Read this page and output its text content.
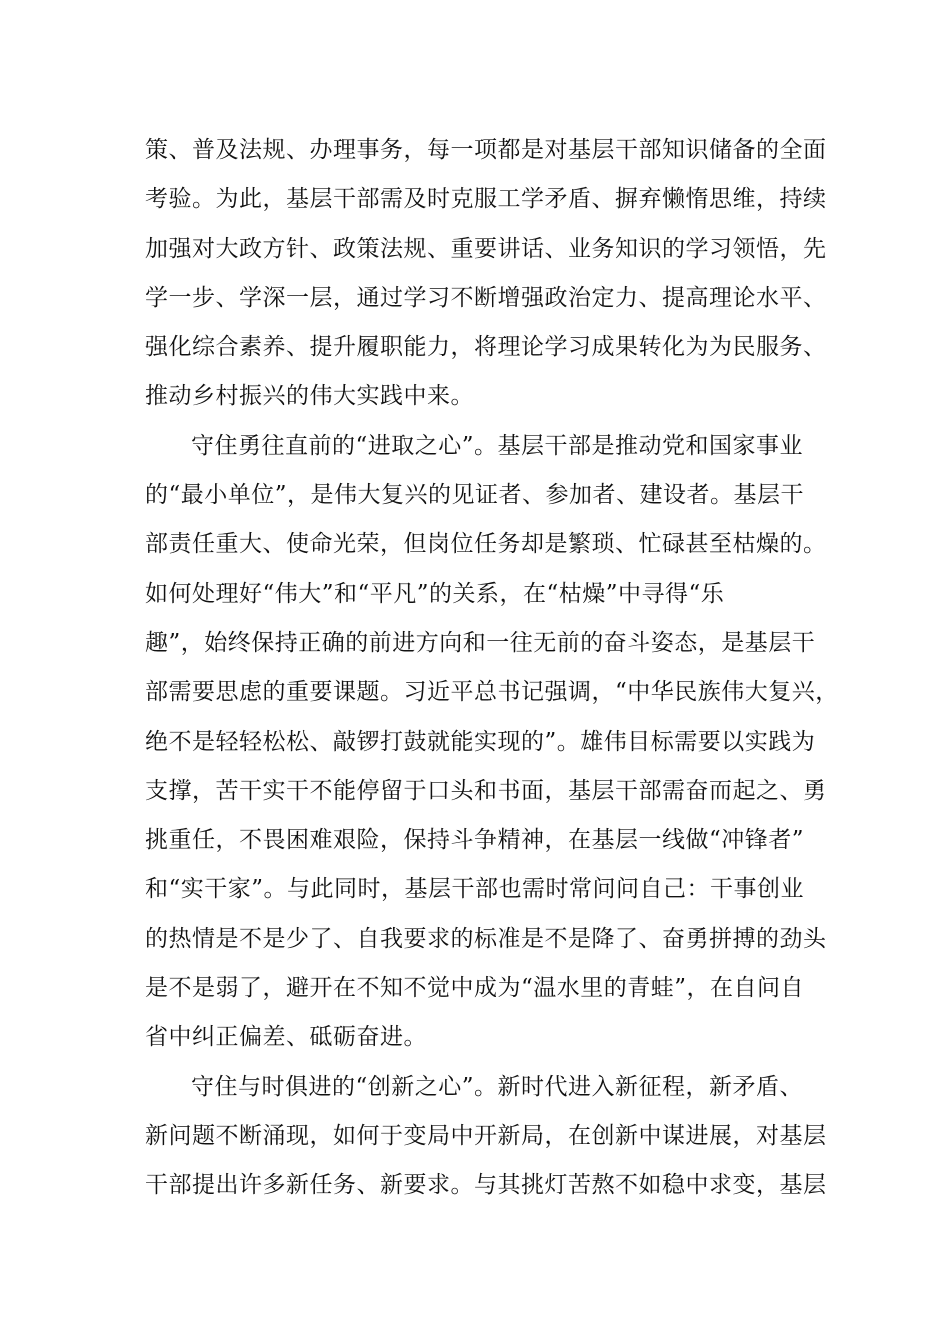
策、普及法规、办理事务，每一项都是对基层干部知识储备的全面
考验。为此，基层干部需及时克服工学矛盾、摒弃懒惰思维，持续
加强对大政方针、政策法规、重要讲话、业务知识的学习领悟，先
学一步、学深一层，通过学习不断增强政治定力、提高理论水平、
强化综合素养、提升履职能力，将理论学习成果转化为为民服务、
推动乡村振兴的伟大实践中来。
守住勇往直前的“进取之心”。基层干部是推动党和国家事业
的“最小单位”，是伟大复兴的见证者、参加者、建设者。基层干
部责任重大、使命光荣，但岗位任务却是繁琐、忙碌甚至枯燥的。
如何处理好“伟大”和“平凡”的关系，在“枯燥”中寻得“乐
趣”，始终保持正确的前进方向和一往无前的奋斗姿态，是基层干
部需要思虑的重要课题。习近平总书记强调，“中华民族伟大复兴，
绝不是轻轻松松、敲锣打鼓就能实现的”。雄伟目标需要以实践为
支撑，苦干实干不能停留于口头和书面，基层干部需奋而起之、勇
挑重任，不畏困难艰险，保持斗争精神，在基层一线做“冲锋者”
和“实干家”。与此同时，基层干部也需时常问问自己：干事创业
的热情是不是少了、自我要求的标准是不是降了、奋勇拼搏的劲头
是不是弱了，避开在不知不觉中成为“温水里的青蛙”，在自问自
省中纠正偏差、砥砺奋进。
守住与时俱进的“创新之心”。新时代进入新征程，新矛盾、
新问题不断涌现，如何于变局中开新局，在创新中谋进展，对基层
干部提出许多新任务、新要求。与其挑灯苦熬不如稳中求变，基层
